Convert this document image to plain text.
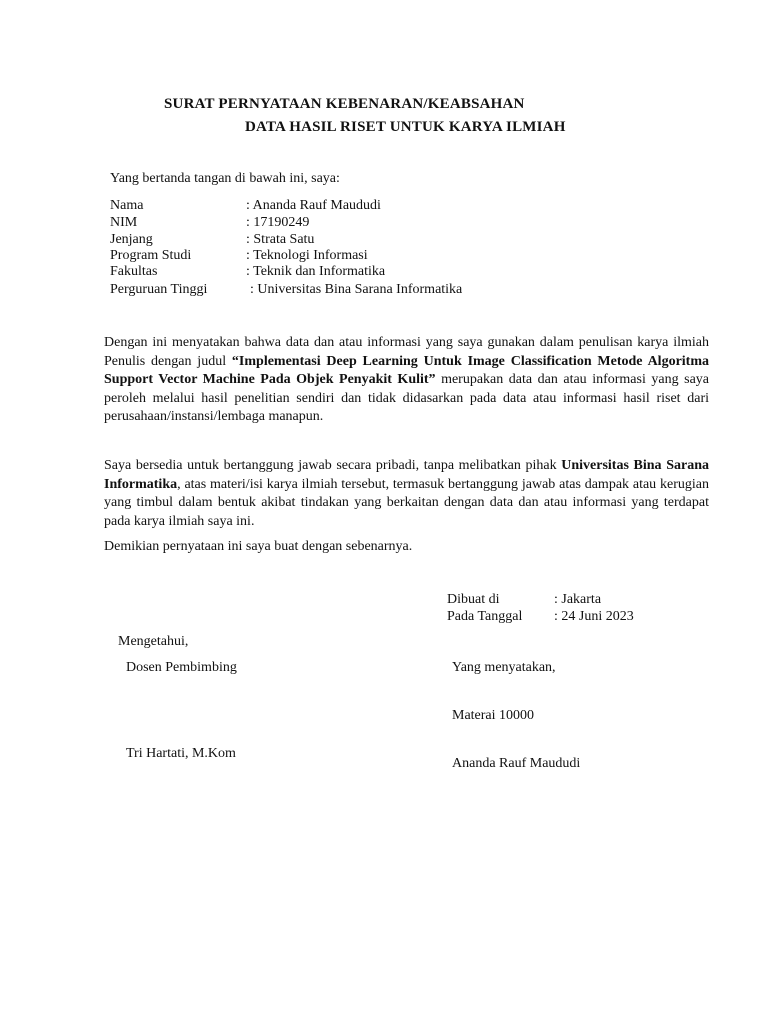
SURAT PERNYATAAN KEBENARAN/KEABSAHAN
DATA HASIL RISET UNTUK KARYA ILMIAH
Yang bertanda tangan di bawah ini, saya:
Nama	: Ananda Rauf Maududi
NIM	: 17190249
Jenjang	: Strata Satu
Program Studi	: Teknologi Informasi
Fakultas	: Teknik dan Informatika
Perguruan Tinggi	: Universitas Bina Sarana Informatika
Dengan ini menyatakan bahwa data dan atau informasi yang saya gunakan dalam penulisan karya ilmiah Penulis dengan judul “Implementasi Deep Learning Untuk Image Classification Metode Algoritma Support Vector Machine Pada Objek Penyakit Kulit” merupakan data dan atau informasi yang saya peroleh melalui hasil penelitian sendiri dan tidak didasarkan pada data atau informasi hasil riset dari perusahaan/instansi/lembaga manapun.
Saya bersedia untuk bertanggung jawab secara pribadi, tanpa melibatkan pihak Universitas Bina Sarana Informatika, atas materi/isi karya ilmiah tersebut, termasuk bertanggung jawab atas dampak atau kerugian yang timbul dalam bentuk akibat tindakan yang berkaitan dengan data dan atau informasi yang terdapat pada karya ilmiah saya ini.
Demikian pernyataan ini saya buat dengan sebenarnya.
Dibuat di	: Jakarta
Pada Tanggal : 24 Juni 2023
Mengetahui,
Dosen Pembimbing
Tri Hartati, M.Kom
Yang menyatakan,
Materai 10000
Ananda Rauf Maududi
